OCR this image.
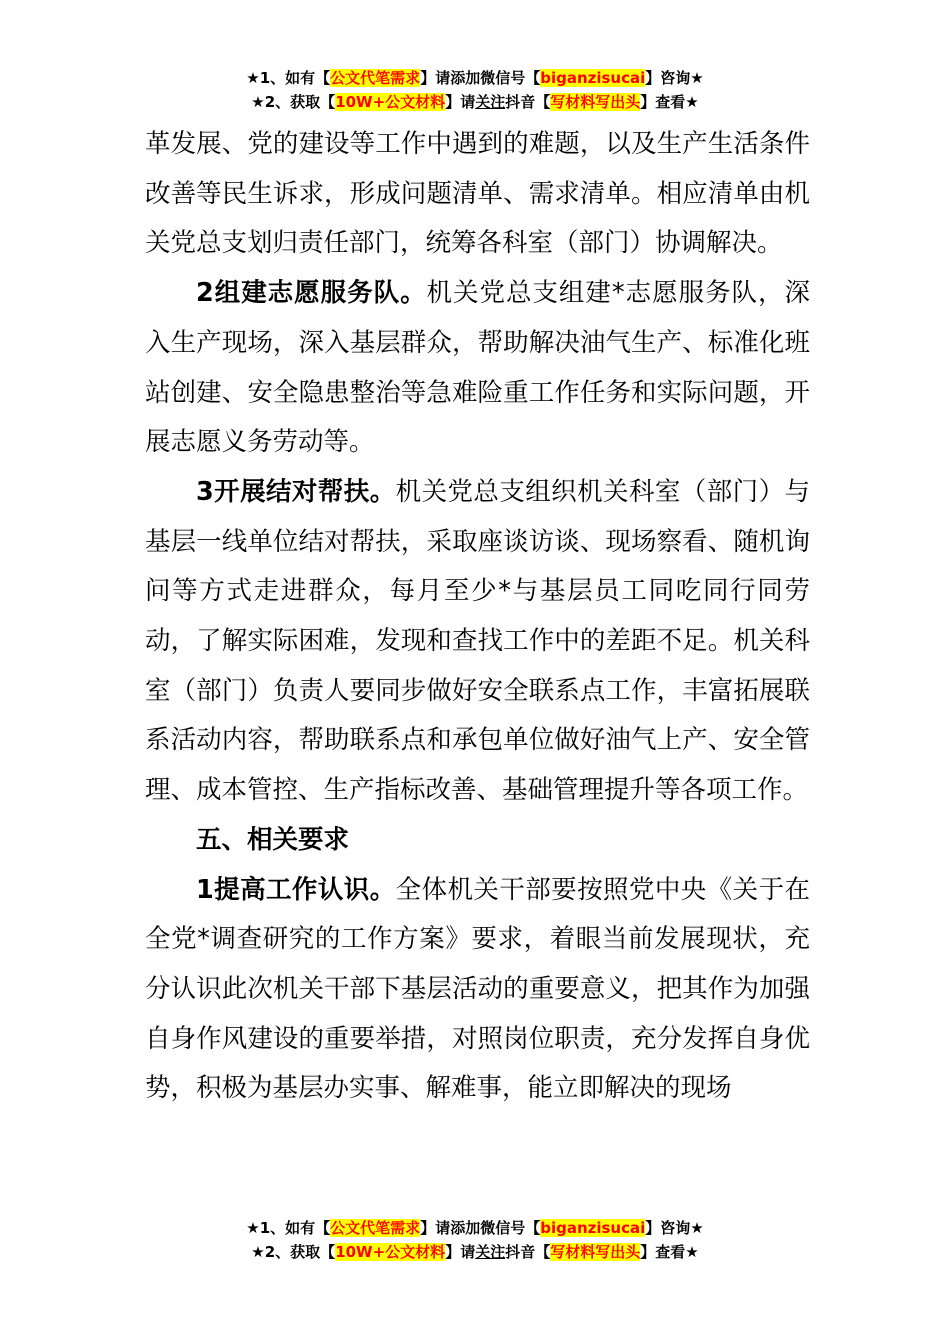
★1、如有【公文代笔需求】请添加微信号【biganzisucai】咨询★
★2、获取【10W+公文材料】请关注抖音【写材料写出头】查看★

革发展、党的建设等工作中遇到的难题，以及生产生活条件改善等民生诉求，形成问题清单、需求清单。相应清单由机关党总支划归责任部门，统筹各科室（部门）协调解决。

2组建志愿服务队。机关党总支组建*志愿服务队，深入生产现场，深入基层群众，帮助解决油气生产、标准化班站创建、安全隐患整治等急难险重工作任务和实际问题，开展志愿义务劳动等。

3开展结对帮扶。机关党总支组织机关科室（部门）与基层一线单位结对帮扶，采取座谈访谈、现场察看、随机询问等方式走进群众，每月至少*与基层员工同吃同行同劳动，了解实际困难，发现和查找工作中的差距不足。机关科室（部门）负责人要同步做好安全联系点工作，丰富拓展联系活动内容，帮助联系点和承包单位做好油气上产、安全管理、成本管控、生产指标改善、基础管理提升等各项工作。

五、相关要求

1提高工作认识。全体机关干部要按照党中央《关于在全党*调查研究的工作方案》要求，着眼当前发展现状，充分认识此次机关干部下基层活动的重要意义，把其作为加强自身作风建设的重要举措，对照岗位职责，充分发挥自身优势，积极为基层办实事、解难事，能立即解决的现场

★1、如有【公文代笔需求】请添加微信号【biganzisucai】咨询★
★2、获取【10W+公文材料】请关注抖音【写材料写出头】查看★
